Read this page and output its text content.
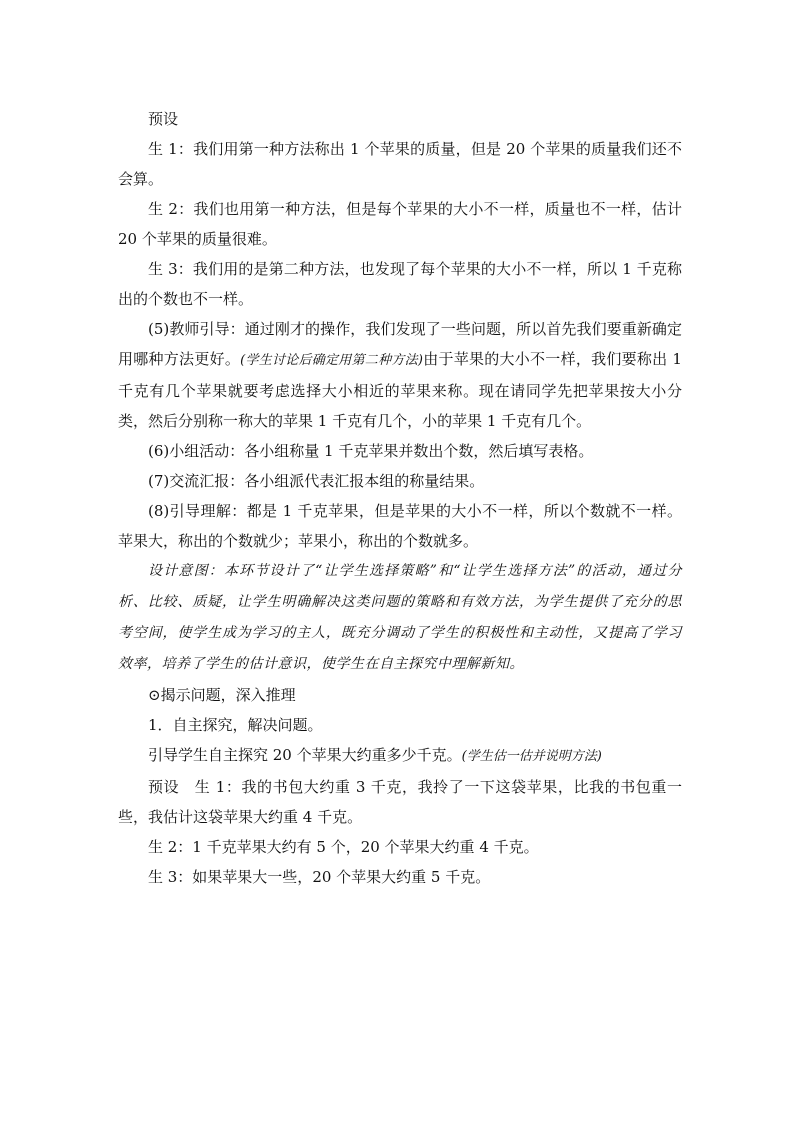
预设

生 1：我们用第一种方法称出 1 个苹果的质量，但是 20 个苹果的质量我们还不会算。

生 2：我们也用第一种方法，但是每个苹果的大小不一样，质量也不一样，估计 20 个苹果的质量很难。

生 3：我们用的是第二种方法，也发现了每个苹果的大小不一样，所以 1 千克称出的个数也不一样。

(5)教师引导：通过刚才的操作，我们发现了一些问题，所以首先我们要重新确定用哪种方法更好。(学生讨论后确定用第二种方法)由于苹果的大小不一样，我们要称出 1 千克有几个苹果就要考虑选择大小相近的苹果来称。现在请同学先把苹果按大小分类，然后分别称一称大的苹果 1 千克有几个，小的苹果 1 千克有几个。

(6)小组活动：各小组称量 1 千克苹果并数出个数，然后填写表格。

(7)交流汇报：各小组派代表汇报本组的称量结果。

(8)引导理解：都是 1 千克苹果，但是苹果的大小不一样，所以个数就不一样。苹果大，称出的个数就少；苹果小，称出的个数就多。

设计意图：本环节设计了“让学生选择策略”和“让学生选择方法”的活动，通过分析、比较、质疑，让学生明确解决这类问题的策略和有效方法，为学生提供了充分的思考空间，使学生成为学习的主人，既充分调动了学生的积极性和主动性，又提高了学习效率，培养了学生的估计意识，使学生在自主探究中理解新知。

⊙揭示问题，深入推理

1．自主探究，解决问题。

引导学生自主探究 20 个苹果大约重多少千克。(学生估一估并说明方法)

预设　生 1：我的书包大约重 3 千克，我拎了一下这袋苹果，比我的书包重一些，我估计这袋苹果大约重 4 千克。

生 2：1 千克苹果大约有 5 个，20 个苹果大约重 4 千克。

生 3：如果苹果大一些，20 个苹果大约重 5 千克。
